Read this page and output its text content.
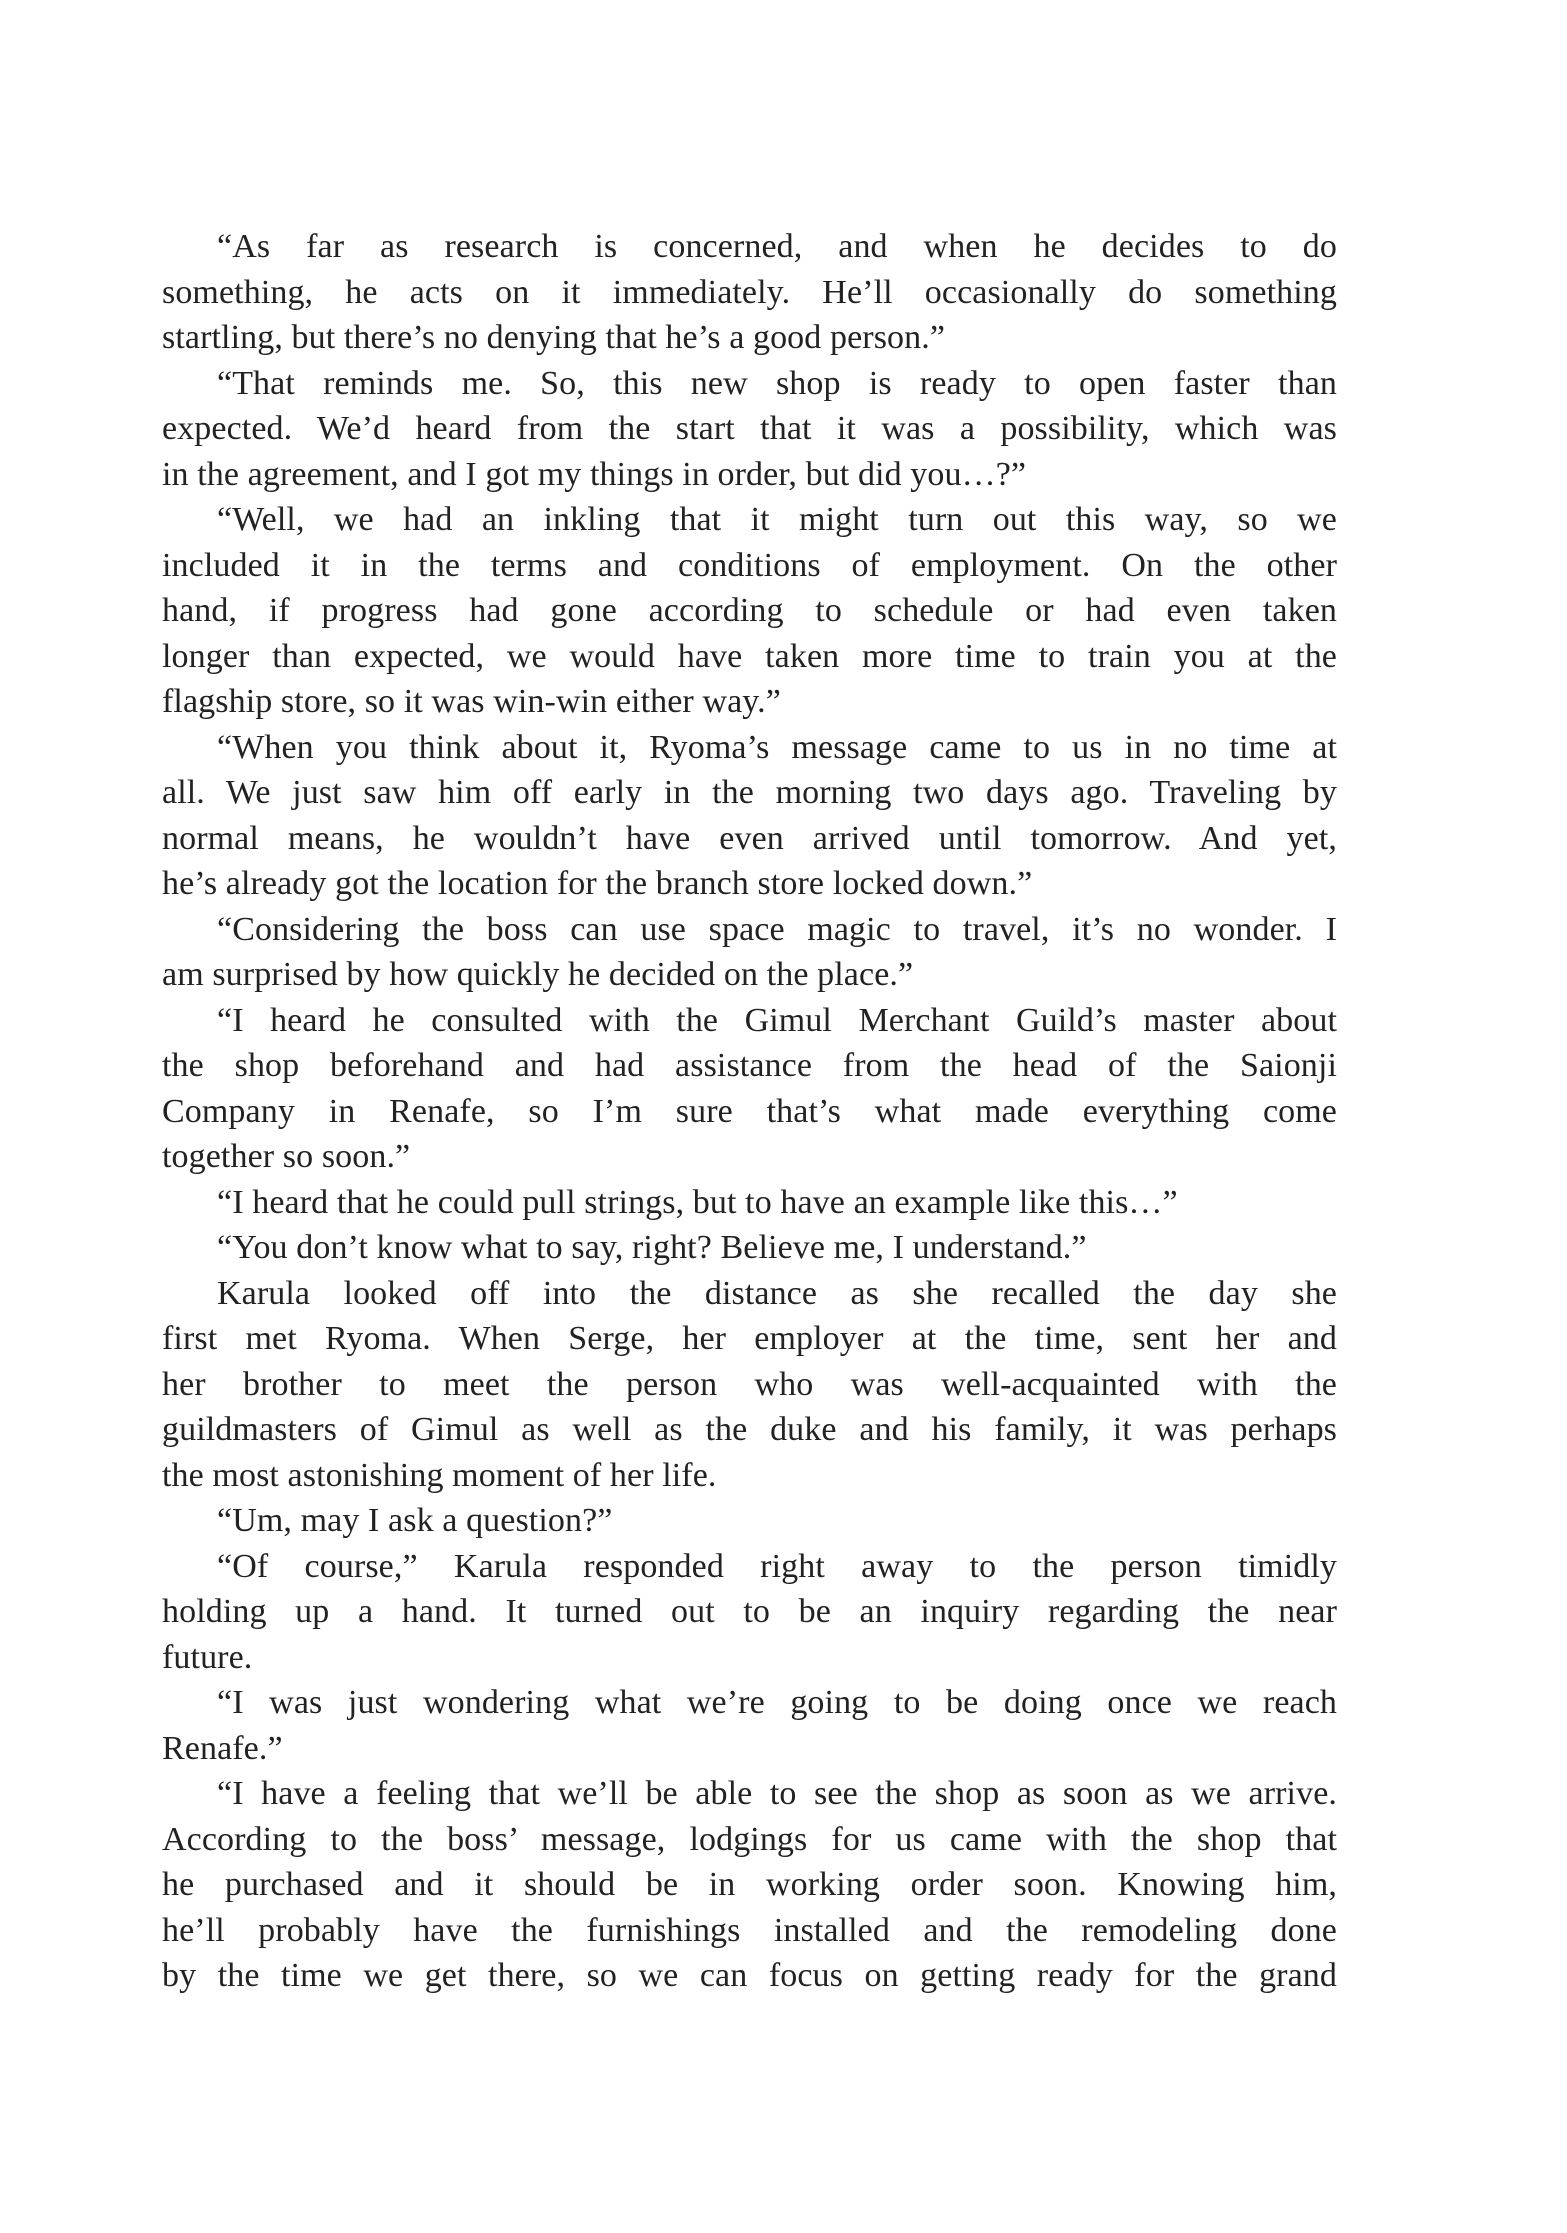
“As far as research is concerned, and when he decides to do
something, he acts on it immediately. He’ll occasionally do something
startling, but there’s no denying that he’s a good person.”
“That reminds me. So, this new shop is ready to open faster than
expected. We’d heard from the start that it was a possibility, which was
in the agreement, and I got my things in order, but did you…?”
“Well, we had an inkling that it might turn out this way, so we
included it in the terms and conditions of employment. On the other
hand, if progress had gone according to schedule or had even taken
longer than expected, we would have taken more time to train you at the
flagship store, so it was win-win either way.”
“When you think about it, Ryoma’s message came to us in no time at
all. We just saw him off early in the morning two days ago. Traveling by
normal means, he wouldn’t have even arrived until tomorrow. And yet,
he’s already got the location for the branch store locked down.”
“Considering the boss can use space magic to travel, it’s no wonder. I
am surprised by how quickly he decided on the place.”
“I heard he consulted with the Gimul Merchant Guild’s master about
the shop beforehand and had assistance from the head of the Saionji
Company in Renafe, so I’m sure that’s what made everything come
together so soon.”
“I heard that he could pull strings, but to have an example like this…”
“You don’t know what to say, right? Believe me, I understand.”
Karula looked off into the distance as she recalled the day she
first met Ryoma. When Serge, her employer at the time, sent her and
her brother to meet the person who was well-acquainted with the
guildmasters of Gimul as well as the duke and his family, it was perhaps
the most astonishing moment of her life.
“Um, may I ask a question?”
“Of course,” Karula responded right away to the person timidly
holding up a hand. It turned out to be an inquiry regarding the near
future.
“I was just wondering what we’re going to be doing once we reach
Renafe.”
“I have a feeling that we’ll be able to see the shop as soon as we arrive.
According to the boss’ message, lodgings for us came with the shop that
he purchased and it should be in working order soon. Knowing him,
he’ll probably have the furnishings installed and the remodeling done
by the time we get there, so we can focus on getting ready for the grand
